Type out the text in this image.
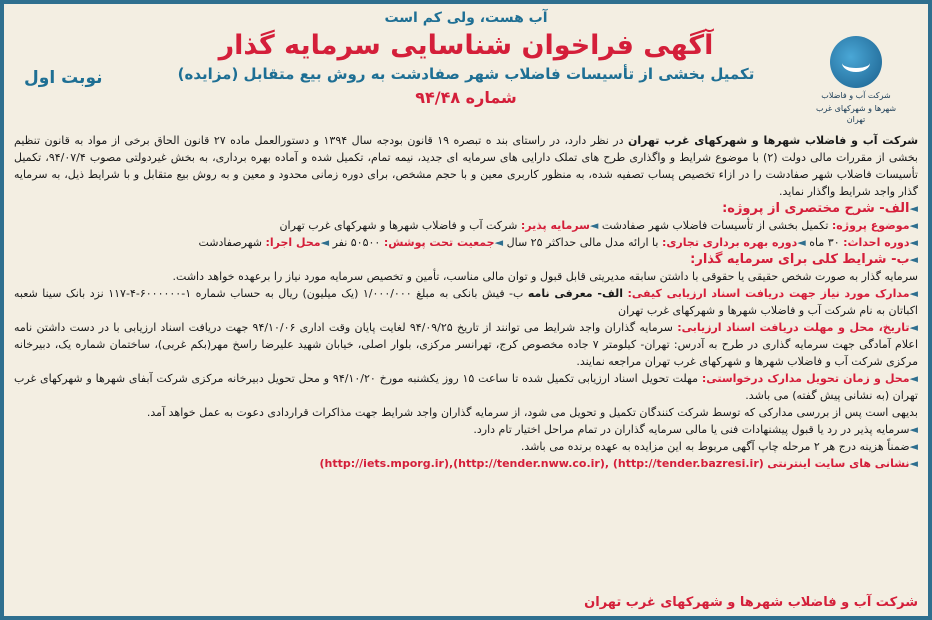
آب هست، ولی کم است
آگهی فراخوان شناسایی سرمایه گذار
تکمیل بخشی از تأسیسات فاضلاب شهر صفادشت به روش بیع متقابل (مزایده)
شماره ۹۴/۴۸	شرکت آب و فاضلاب
شهرها و شهرکهای غرب تهران
نوبت اول

شرکت آب و فاضلاب شهرها و شهرکهای غرب تهران در نظر دارد، در راستای بند ه تبصره ۱۹ قانون بودجه سال ۱۳۹۴ و دستورالعمل ماده ۲۷ قانون الحاق برخی از مواد به قانون تنظیم بخشی از مقررات مالی دولت (۲) با موضوع شرایط و واگذاری طرح های تملک دارایی های سرمایه ای جدید، نیمه تمام، تکمیل شده و آماده بهره برداری، به بخش غیردولتی مصوب ۹۴/۰۷/۴، تکمیل تأسیسات فاضلاب شهر صفادشت را در ازاء تخصیص پساب تصفیه شده، به منظور کاربری معین و با حجم مشخص، برای دوره زمانی محدود و معین و به روش بیع متقابل و با شرایط ذیل، به سرمایه گذار واجد شرایط واگذار نماید.

◄الف- شرح مختصری از پروژه:

◄موضوع پروژه: تکمیل بخشی از تأسیسات فاضلاب شهر صفادشت ◄سرمایه پذیر: شرکت آب و فاضلاب شهرها و شهرکهای غرب تهران

◄دوره احداث: ۳۰ ماه ◄دوره بهره برداری تجاری: با ارائه مدل مالی حداکثر ۲۵ سال ◄جمعیت تحت پوشش: ۵۰۵۰۰ نفر ◄محل اجرا: شهرصفادشت

◄ب- شرایط کلی برای سرمایه گذار:

سرمایه گذار به صورت شخص حقیقی یا حقوقی با داشتن سابقه مدیریتی قابل قبول و توان مالی مناسب، تأمین و تخصیص سرمایه مورد نیاز را برعهده خواهد داشت.

◄مدارک مورد نیاز جهت دریافت اسناد ارزیابی کیفی: الف- معرفی نامه ب- فیش بانکی به مبلغ ۱/۰۰۰/۰۰۰ (یک میلیون) ریال به حساب شماره ۱-۶۰۰۰۰۰۰-۴-۱۱۷ نزد بانک سینا شعبه اکباتان به نام شرکت آب و فاضلاب شهرها و شهرکهای غرب تهران

◄تاریخ، محل و مهلت دریافت اسناد ارزیابی: سرمایه گذاران واجد شرایط می توانند از تاریخ ۹۴/۰۹/۲۵ لغایت پایان وقت اداری ۹۴/۱۰/۰۶ جهت دریافت اسناد ارزیابی با در دست داشتن نامه اعلام آمادگی جهت سرمایه گذاری در طرح به آدرس: تهران- کیلومتر ۷ جاده مخصوص کرج، تهرانسر مرکزی، بلوار اصلی، خیابان شهید علیرضا راسخ مهر(بکم غربی)، ساختمان شماره یک، دبیرخانه مرکزی شرکت آب و فاضلاب شهرها و شهرکهای غرب تهران مراجعه نمایند.

◄محل و زمان تحویل مدارک درخواستی: مهلت تحویل اسناد ارزیابی تکمیل شده تا ساعت ۱۵ روز یکشنبه مورخ ۹۴/۱۰/۲۰ و محل تحویل دبیرخانه مرکزی شرکت آبفای شهرها و شهرکهای غرب تهران (به نشانی پیش گفته) می باشد.

بدیهی است پس از بررسی مدارکی که توسط شرکت کنندگان تکمیل و تحویل می شود، از سرمایه گذاران واجد شرایط جهت مذاکرات قراردادی دعوت به عمل خواهد آمد.

◄سرمایه پذیر در رد یا قبول پیشنهادات فنی یا مالی سرمایه گذاران در تمام مراحل اختیار تام دارد.

◄ضمناً هزینه درج هر ۲ مرحله چاپ آگهی مربوط به این مزایده به عهده برنده می باشد.

◄نشانی های سایت اینترنتی (http://iets.mporg.ir),(http://tender.nww.co.ir), (http://tender.bazresi.ir)

شرکت آب و فاضلاب شهرها و شهرکهای غرب تهران
